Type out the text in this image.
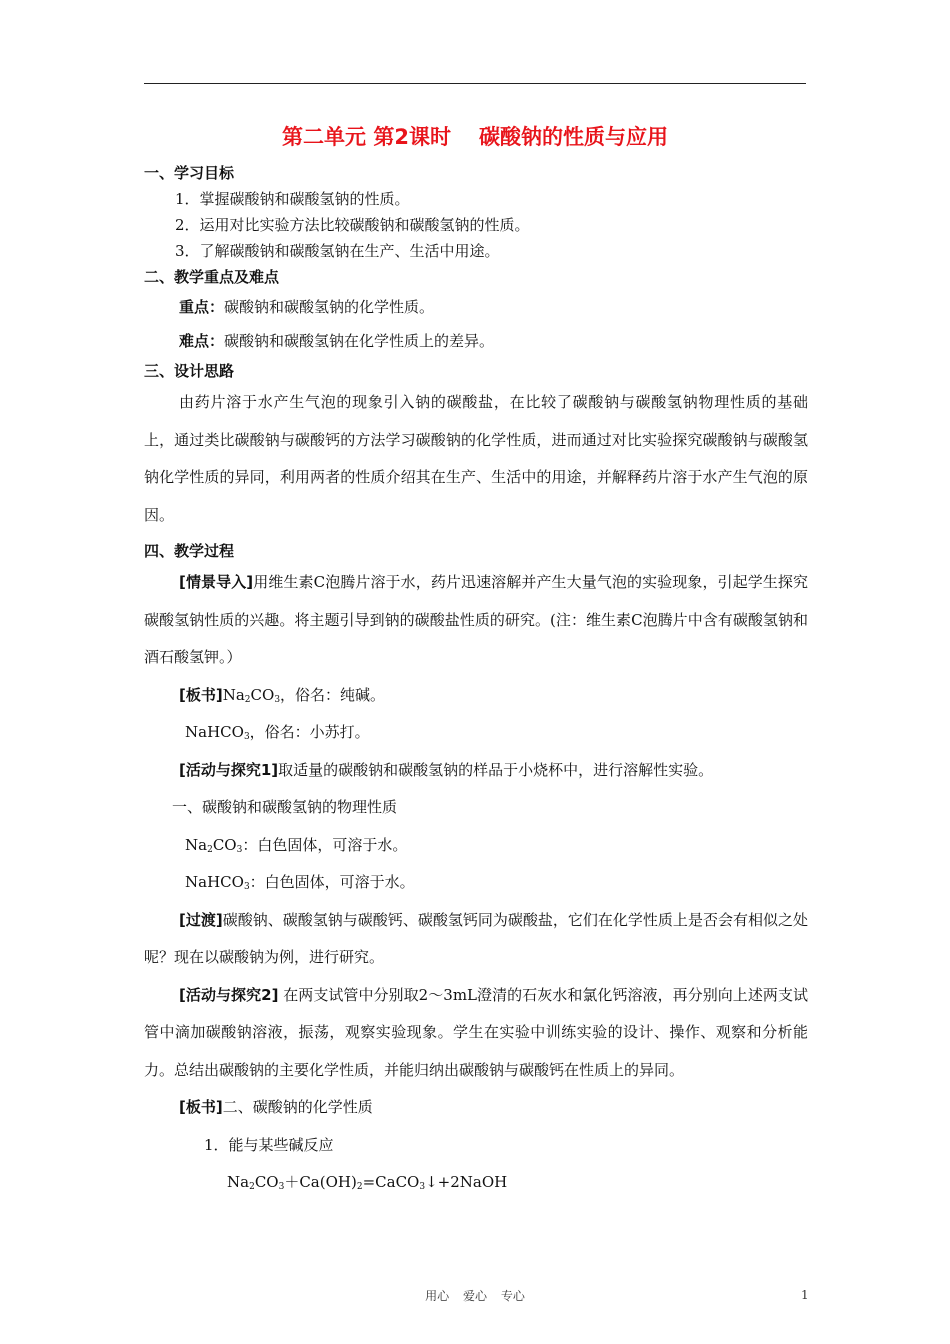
第二单元 第2课时 碳酸钠的性质与应用
一、学习目标
1．掌握碳酸钠和碳酸氢钠的性质。
2．运用对比实验方法比较碳酸钠和碳酸氢钠的性质。
3．了解碳酸钠和碳酸氢钠在生产、生活中用途。
二、教学重点及难点
重点：碳酸钠和碳酸氢钠的化学性质。
难点：碳酸钠和碳酸氢钠在化学性质上的差异。
三、设计思路
由药片溶于水产生气泡的现象引入钠的碳酸盐，在比较了碳酸钠与碳酸氢钠物理性质的基础上，通过类比碳酸钠与碳酸钙的方法学习碳酸钠的化学性质，进而通过对比实验探究碳酸钠与碳酸氢钠化学性质的异同，利用两者的性质介绍其在生产、生活中的用途，并解释药片溶于水产生气泡的原因。
四、教学过程
[情景导入]用维生素C泡腾片溶于水，药片迅速溶解并产生大量气泡的实验现象，引起学生探究碳酸氢钠性质的兴趣。将主题引导到钠的碳酸盐性质的研究。(注：维生素C泡腾片中含有碳酸氢钠和酒石酸氢钾。）
[板书]$Na_2CO_3$，俗名：纯碱。
NaHCO$_3$，俗名：小苏打。
[活动与探究1]取适量的碳酸钠和碳酸氢钠的样品于小烧杯中，进行溶解性实验。
一、碳酸钠和碳酸氢钠的物理性质
$Na_2CO_3$：白色固体，可溶于水。
NaHCO$_3$：白色固体，可溶于水。
[过渡]碳酸钠、碳酸氢钠与碳酸钙、碳酸氢钙同为碳酸盐，它们在化学性质上是否会有相似之处呢？现在以碳酸钠为例，进行研究。
[活动与探究2] 在两支试管中分别取2～3mL澄清的石灰水和氯化钙溶液，再分别向上述两支试管中滴加碳酸钠溶液，振荡，观察实验现象。学生在实验中训练实验的设计、操作、观察和分析能力。总结出碳酸钠的主要化学性质，并能归纳出碳酸钠与碳酸钙在性质上的异同。
[板书]二、碳酸钠的化学性质
1．能与某些碱反应
$Na_2CO_3+Ca(OH)_2=CaCO_3↓+2NaOH$
用心 爱心 专心	1
